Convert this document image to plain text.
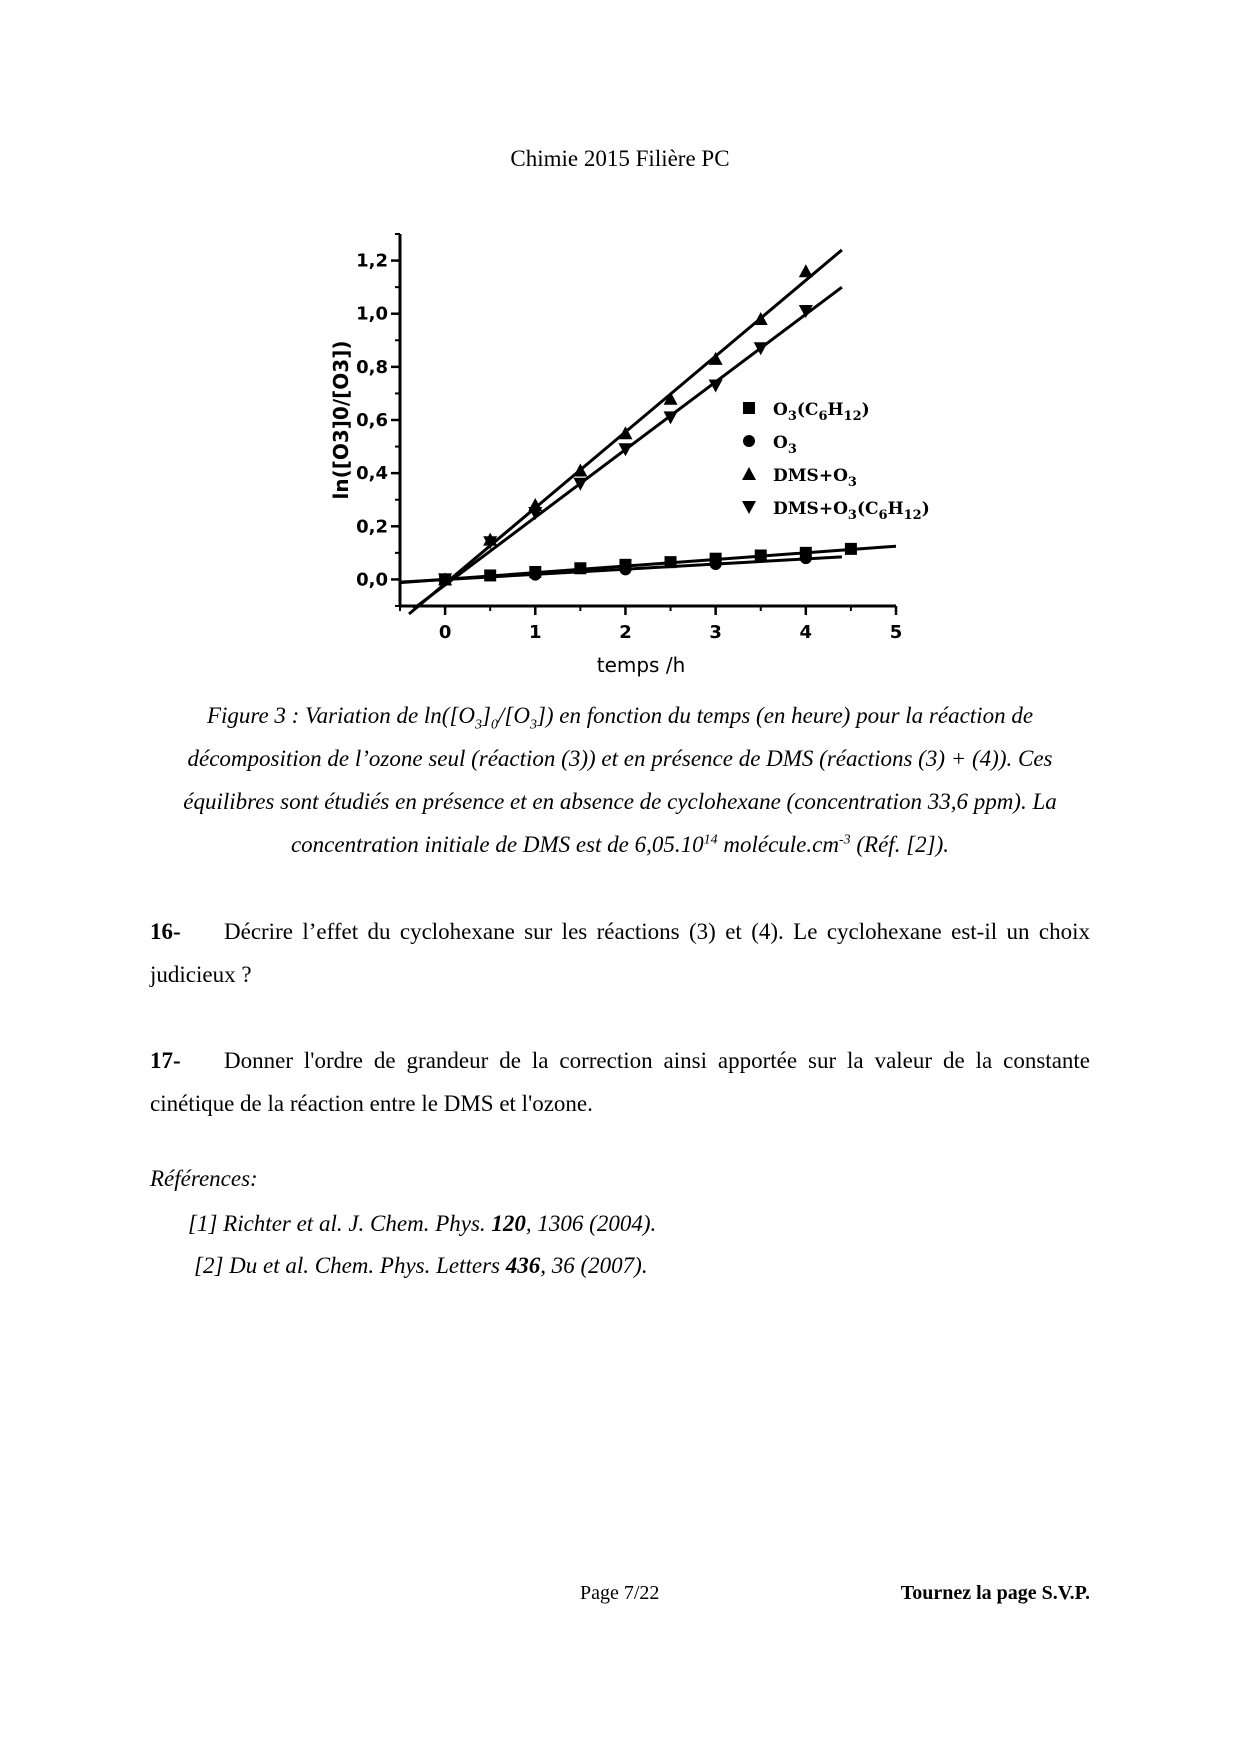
Chimie 2015 Filière PC
0	1	2	3	4	5
0,0
0,2
0,4
0,6
0,8
1,0
1,2
ln([O3]0/[O3])
temps /h
$O_3(C_6H_{12})$
$O_3$
$DMS+O_3$
$DMS+O_3(C_6H_{12})$
Figure 3 : Variation de $\ln([O_3]_0/[O_3])$ en fonction du temps (en heure) pour la réaction de décomposition de l’ozone seul (réaction (3)) et en présence de DMS (réactions (3) + (4)). Ces équilibres sont étudiés en présence et en absence de cyclohexane (concentration 33,6 ppm). La concentration initiale de DMS est de 6,05.10$^{14}$ $molécule.cm^{-3}$ (Réf. [2]).
16- Décrire l’effet du cyclohexane sur les réactions (3) et (4). Le cyclohexane est-il un choix judicieux ?
17- Donner l'ordre de grandeur de la correction ainsi apportée sur la valeur de la constante cinétique de la réaction entre le DMS et l'ozone.
Références:
[1] Richter et al. J. Chem. Phys. 120, 1306 (2004).
[2] Du et al. Chem. Phys. Letters 436, 36 (2007).
Page 7/22	Tournez la page S.V.P.
